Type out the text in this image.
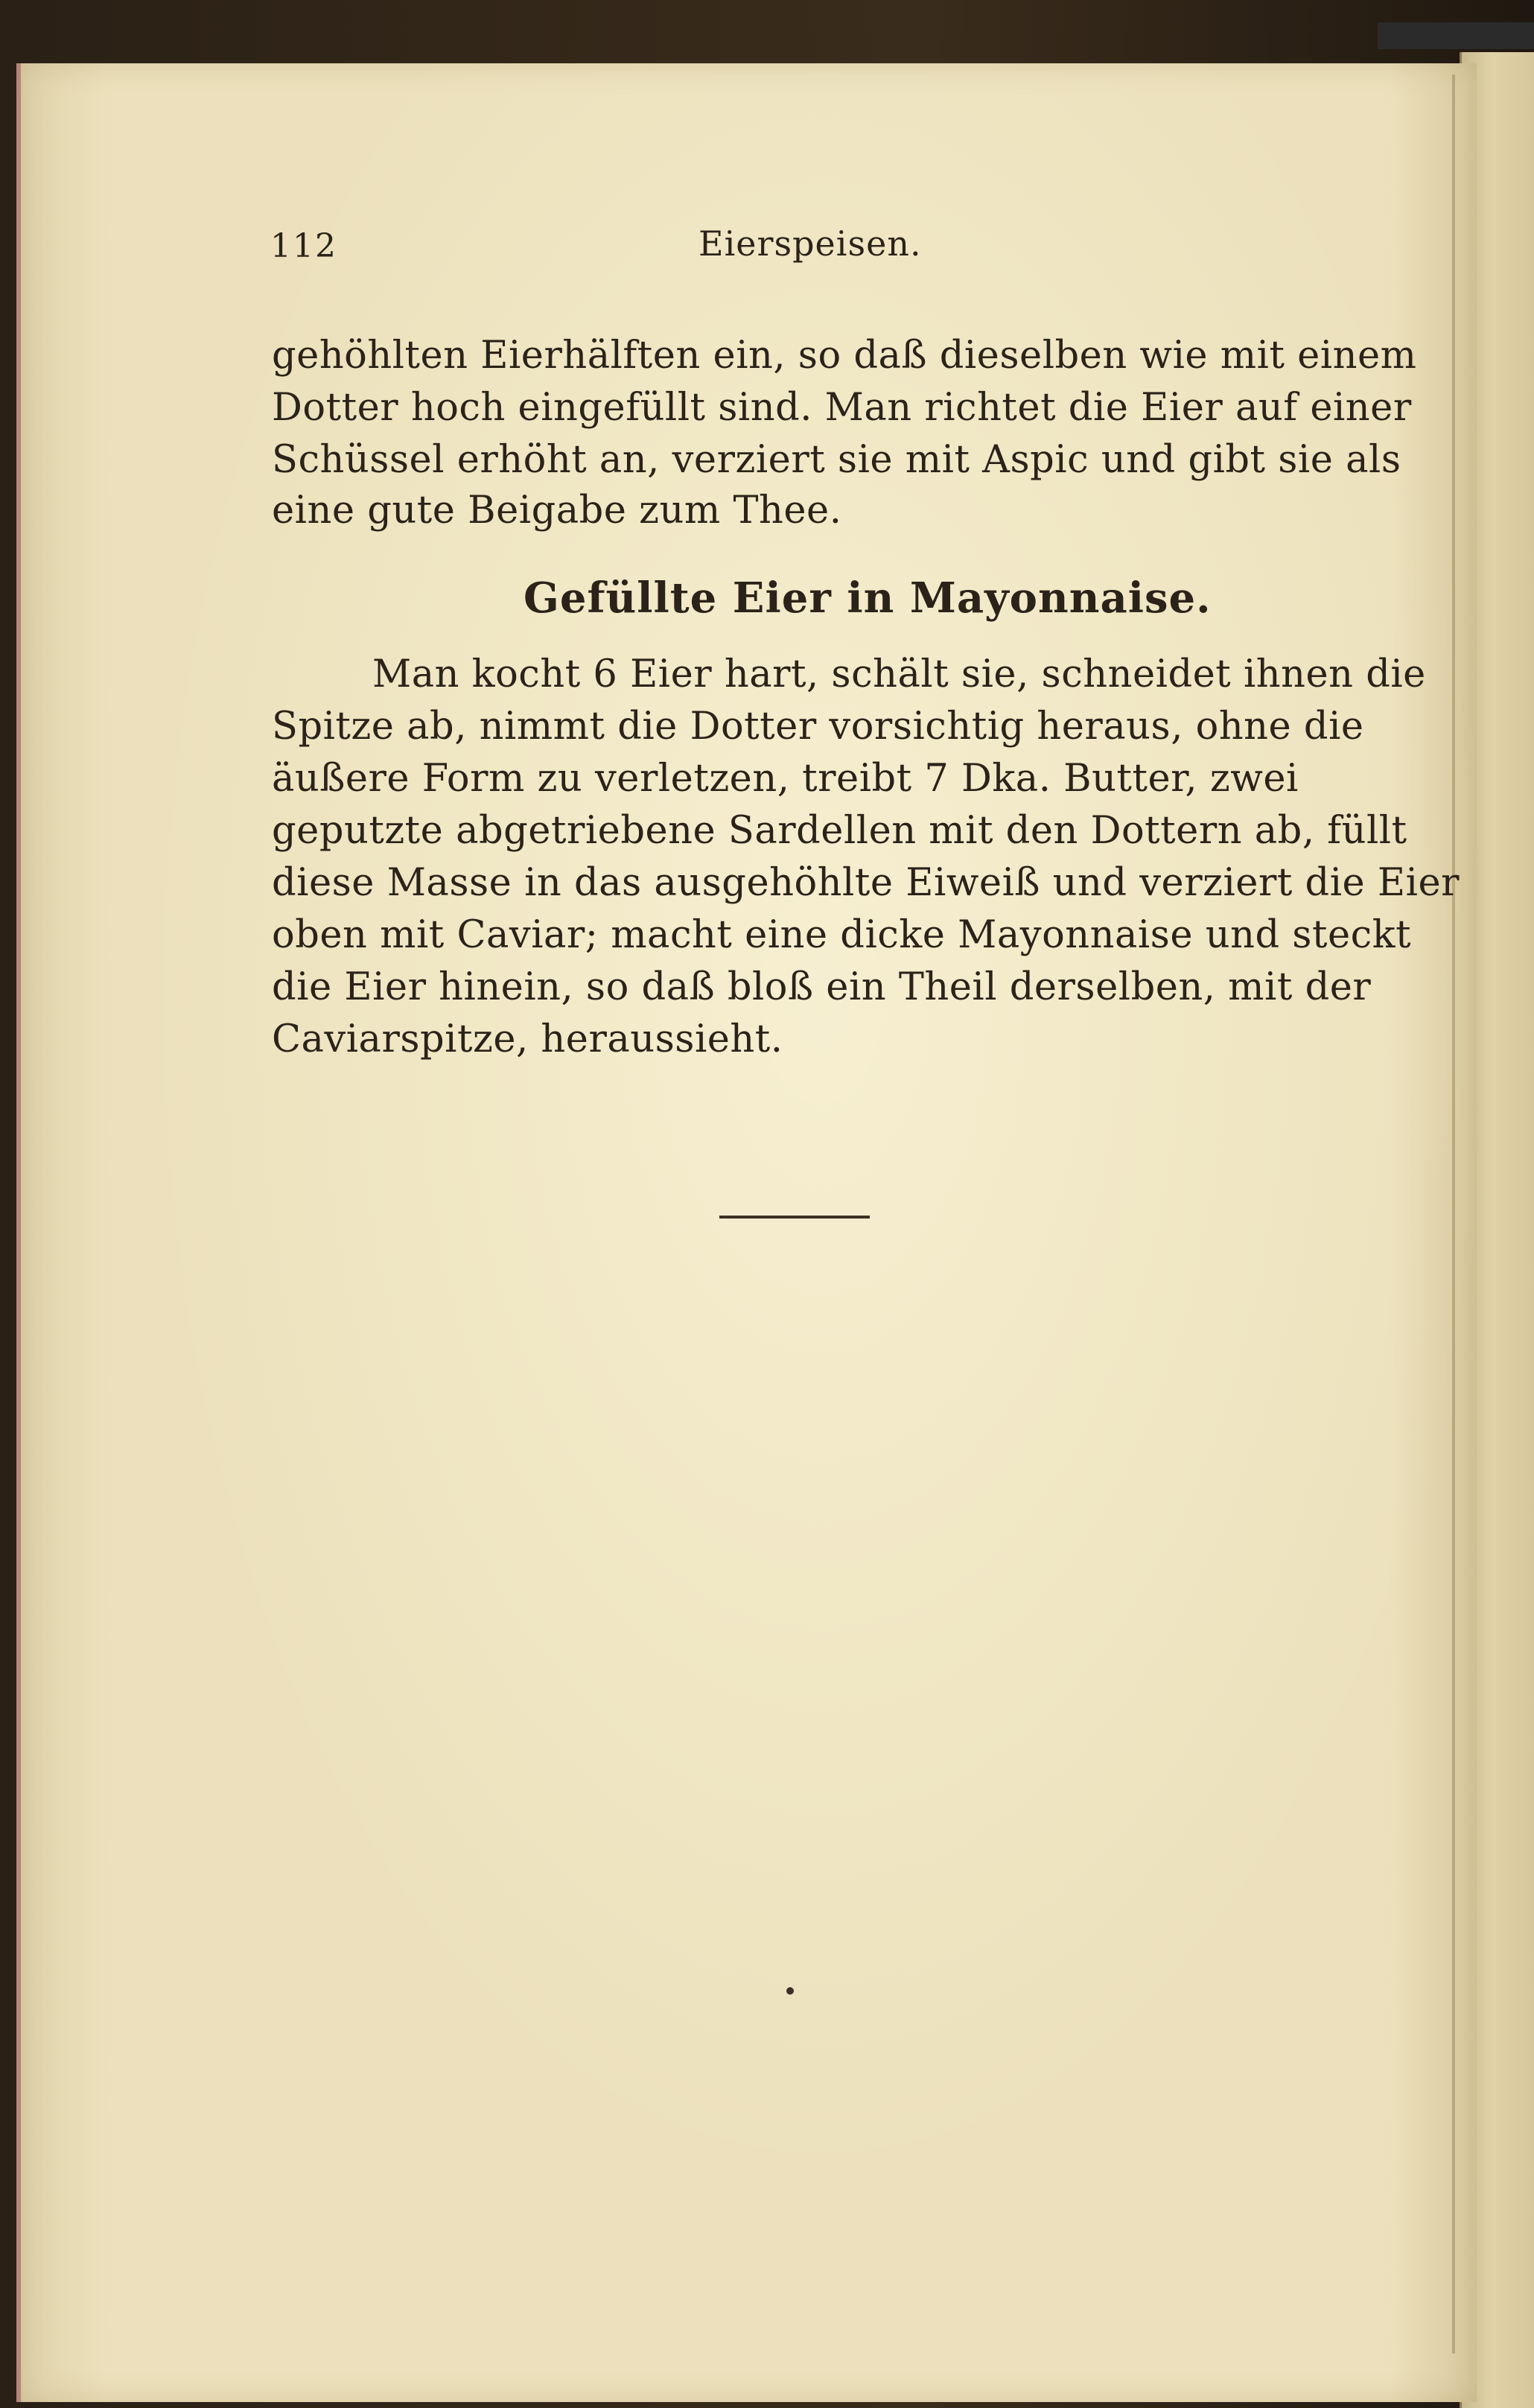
112	Eierspeisen.
gehöhlten Eierhälften ein, so daß dieselben wie mit einem
Dotter hoch eingefüllt sind. Man richtet die Eier auf einer
Schüssel erhöht an, verziert sie mit Aspic und gibt sie als
eine gute Beigabe zum Thee.
Gefüllte Eier in Mayonnaise.
Man kocht 6 Eier hart, schält sie, schneidet ihnen die
Spitze ab, nimmt die Dotter vorsichtig heraus, ohne die
äußere Form zu verletzen, treibt 7 Dka. Butter, zwei
geputzte abgetriebene Sardellen mit den Dottern ab, füllt
diese Masse in das ausgehöhlte Eiweiß und verziert die Eier
oben mit Caviar; macht eine dicke Mayonnaise und steckt
die Eier hinein, so daß bloß ein Theil derselben, mit der
Caviarspitze, heraussieht.
